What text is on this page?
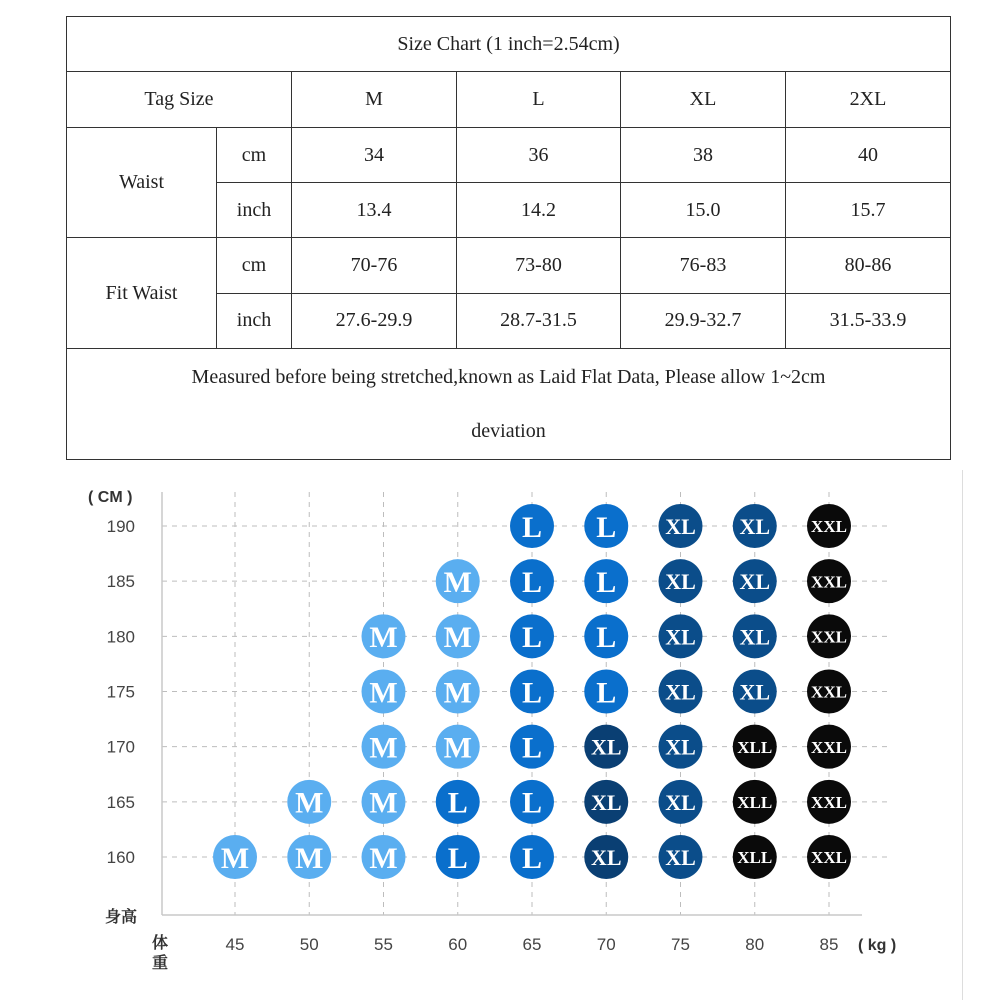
Size Chart (1 inch=2.54cm)					
Tag Size		M	L	XL	2XL
Waist	cm	34	36	38	40
	inch	13.4	14.2	15.0	15.7
Fit Waist	cm	70-76	73-80	76-83	80-86
	inch	27.6-29.9	28.7-31.5	29.9-32.7	31.5-33.9
Measured before being stretched,known as Laid Flat Data, Please allow 1~2cm
deviation					
( CM )
身高
体
重
( kg )
45	50	55	60	65	70	75	80	85
160
165
170
175
180
185
190
M M M L L XL XL XLL XXL
M M L L XL XL XLL XXL
M M L XL XL XLL XXL
M M L L XL XL XXL
M M L L XL XL XXL
M L L XL XL XXL
L L XL XL XXL
